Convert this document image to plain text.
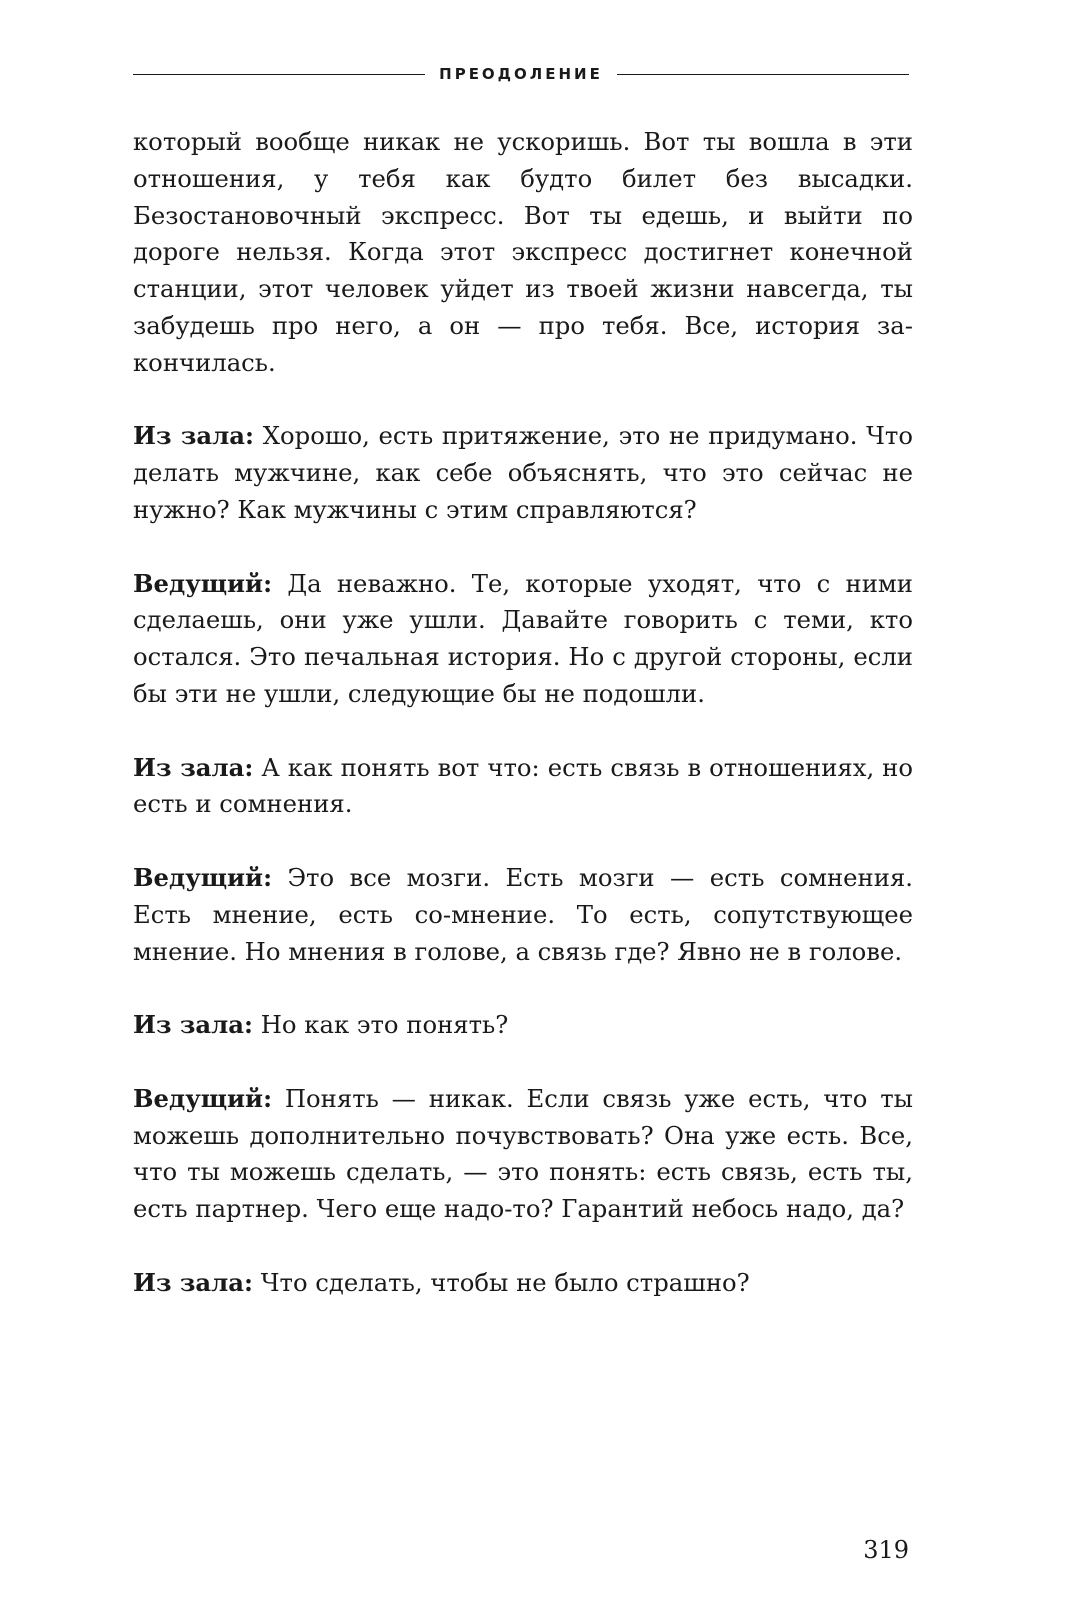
ПРЕОДОЛЕНИЕ

который вообще никак не ускоришь. Вот ты вошла в эти отношения, у тебя как будто билет без высадки. Безостановочный экспресс. Вот ты едешь, и выйти по дороге нельзя. Когда этот экспресс достигнет конечной станции, этот человек уйдет из твоей жизни навсегда, ты забудешь про него, а он — про тебя. Все, история закончилась.

Из зала: Хорошо, есть притяжение, это не придумано. Что делать мужчине, как себе объяснять, что это сейчас не нужно? Как мужчины с этим справляются?

Ведущий: Да неважно. Те, которые уходят, что с ними сделаешь, они уже ушли. Давайте говорить с теми, кто остался. Это печальная история. Но с другой стороны, если бы эти не ушли, следующие бы не подошли.

Из зала: А как понять вот что: есть связь в отношениях, но есть и сомнения.

Ведущий: Это все мозги. Есть мозги — есть сомнения. Есть мнение, есть со-мнение. То есть, сопутствующее мнение. Но мнения в голове, а связь где? Явно не в голове.

Из зала: Но как это понять?

Ведущий: Понять — никак. Если связь уже есть, что ты можешь дополнительно почувствовать? Она уже есть. Все, что ты можешь сделать, — это понять: есть связь, есть ты, есть партнер. Чего еще надо-то? Гарантий небось надо, да?

Из зала: Что сделать, чтобы не было страшно?

319
